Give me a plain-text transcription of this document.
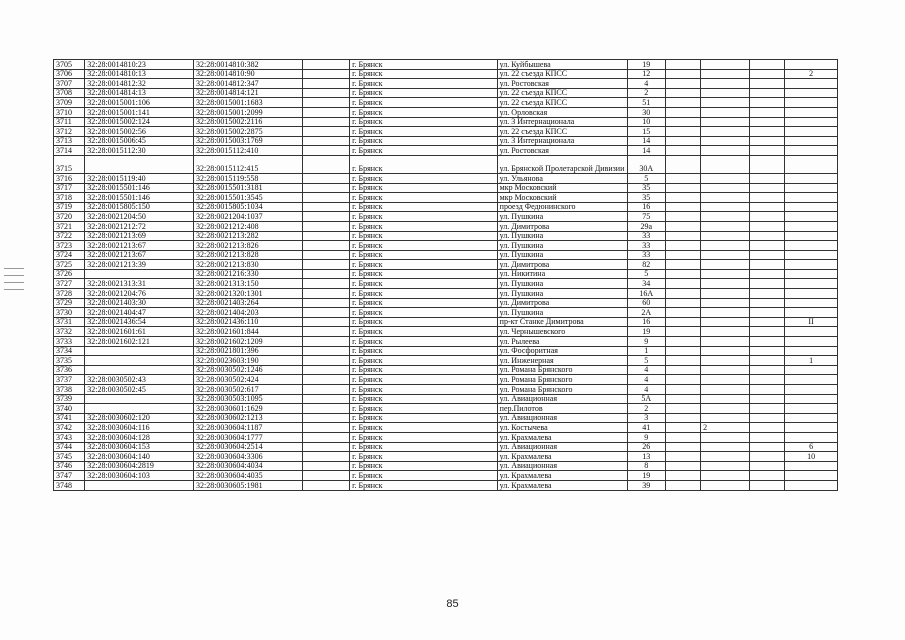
3705	32:28:0014810:23	32:28:0014810:382		г. Брянск	ул. Куйбышева	19				
3706	32:28:0014810:13	32:28:0014810:90		г. Брянск	ул. 22 съезда КПСС	12				2
3707	32:28:0014812:32	32:28:0014812:347		г. Брянск	ул. Ростовская	4				
3708	32:28:0014814:13	32:28:0014814:121		г. Брянск	ул. 22 съезда КПСС	2				
3709	32:28:0015001:106	32:28:0015001:1683		г. Брянск	ул. 22 съезда КПСС	51				
3710	32:28:0015001:141	32:28:0015001:2099		г. Брянск	ул. Орловская	30				
3711	32:28:0015002:124	32:28:0015002:2116		г. Брянск	ул. 3 Интернационала	10				
3712	32:28:0015002:56	32:28:0015002:2875		г. Брянск	ул. 22 съезда КПСС	15				
3713	32:28:0015006:45	32:28:0015003:1769		г. Брянск	ул. 3 Интернационала	14				
3714	32:28:0015112:30	32:28:0015112:410		г. Брянск	ул. Ростовская	14				
3715		32:28:0015112:415		г. Брянск	ул. Брянской Пролетарской Дивизии	30А				
3716	32:28:0015119:40	32:28:0015119:558		г. Брянск	ул. Ульянова	5				
3717	32:28:0015501:146	32:28:0015501:3181		г. Брянск	мкр Московский	35				
3718	32:28:0015501:146	32:28:0015501:3545		г. Брянск	мкр Московский	35				
3719	32:28:0015805:150	32:28:0015805:1034		г. Брянск	проезд Федюнинского	16				
3720	32:28:0021204:50	32:28:0021204:1037		г. Брянск	ул. Пушкина	75				
3721	32:28:0021212:72	32:28:0021212:408		г. Брянск	ул. Димитрова	29а				
3722	32:28:0021213:69	32:28:0021213:282		г. Брянск	ул. Пушкина	33				
3723	32:28:0021213:67	32:28:0021213:826		г. Брянск	ул. Пушкина	33				
3724	32:28:0021213:67	32:28:0021213:828		г. Брянск	ул. Пушкина	33				
3725	32:28:0021213:39	32:28:0021213:830		г. Брянск	ул. Димитрова	82				
3726		32:28:0021216:330		г. Брянск	ул. Никитина	5				
3727	32:28:0021313:31	32:28:0021313:150		г. Брянск	ул. Пушкина	34				
3728	32:28:0021204:76	32:28:0021320:1301		г. Брянск	ул. Пушкина	16А				
3729	32:28:0021403:30	32:28:0021403:264		г. Брянск	ул. Димитрова	60				
3730	32:28:0021404:47	32:28:0021404:203		г. Брянск	ул. Пушкина	2А				
3731	32:28:0021436:54	32:28:0021436:110		г. Брянск	пр-кт Станке Димитрова	16				II
3732	32:28:0021601:61	32:28:0021601:844		г. Брянск	ул. Чернышевского	19				
3733	32:28:0021602:121	32:28:0021602:1209		г. Брянск	ул. Рылеева	9				
3734		32:28:0021801:396		г. Брянск	ул. Фосфоритная	1				
3735		32:28:0023603:190		г. Брянск	ул. Инженерная	5				1
3736		32:28:0030502:1246		г. Брянск	ул. Романа Брянского	4				
3737	32:28:0030502:43	32:28:0030502:424		г. Брянск	ул. Романа Брянского	4				
3738	32:28:0030502:45	32:28:0030502:617		г. Брянск	ул. Романа Брянского	4				
3739		32:28:0030503:1095		г. Брянск	ул. Авиационная	5А				
3740		32:28:0030601:1629		г. Брянск	пер.Пилотов	2				
3741	32:28:0030602:120	32:28:0030602:1213		г. Брянск	ул. Авиационная	3				
3742	32:28:0030604:116	32:28:0030604:1187		г. Брянск	ул. Костычева	41		2		
3743	32:28:0030604:128	32:28:0030604:1777		г. Брянск	ул. Крахмалева	9				
3744	32:28:0030604:153	32:28:0030604:2514		г. Брянск	ул. Авиационная	26				6
3745	32:28:0030604:140	32:28:0030604:3306		г. Брянск	ул. Крахмалева	13				10
3746	32:28:0030604:2819	32:28:0030604:4034		г. Брянск	ул. Авиационная	8				
3747	32:28:0030604:103	32:28:0030604:4035		г. Брянск	ул. Крахмалева	19				
3748		32:28:0030605:1981		г. Брянск	ул. Крахмалева	39				
85
